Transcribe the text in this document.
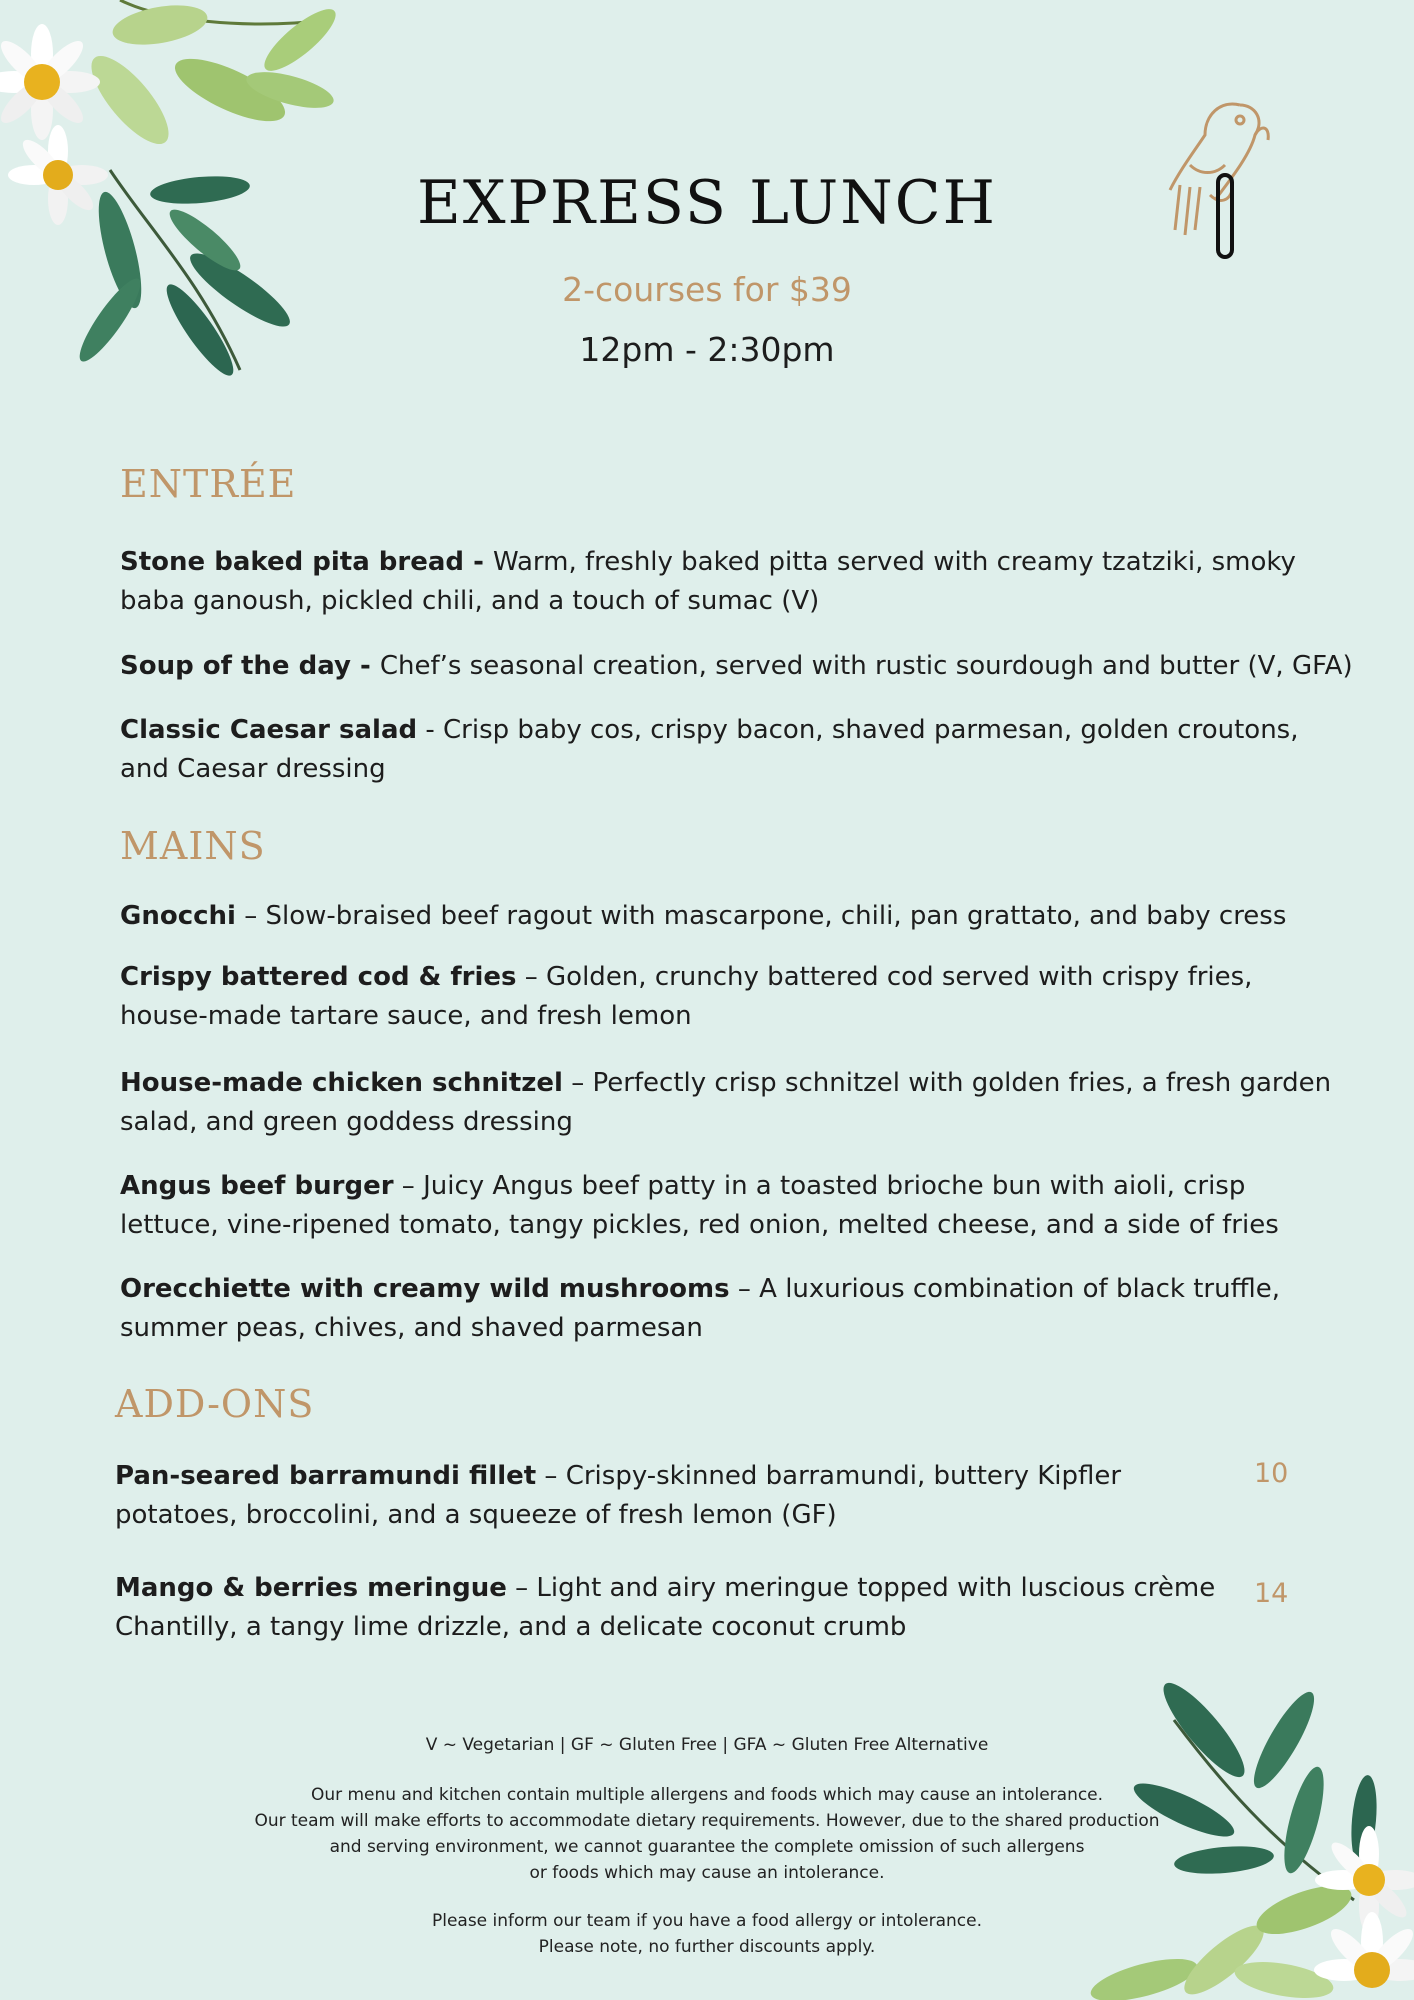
EXPRESS LUNCH
2-courses for $39
12pm - 2:30pm
ENTRÉE

Stone baked pita bread - Warm, freshly baked pitta served with creamy tzatziki, smoky baba ganoush, pickled chili, and a touch of sumac (V)

Soup of the day - Chef’s seasonal creation, served with rustic sourdough and butter (V, GFA)

Classic Caesar salad - Crisp baby cos, crispy bacon, shaved parmesan, golden croutons, and Caesar dressing

MAINS

Gnocchi – Slow-braised beef ragout with mascarpone, chili, pan grattato, and baby cress

Crispy battered cod & fries – Golden, crunchy battered cod served with crispy fries, house-made tartare sauce, and fresh lemon

House-made chicken schnitzel – Perfectly crisp schnitzel with golden fries, a fresh garden salad, and green goddess dressing

Angus beef burger – Juicy Angus beef patty in a toasted brioche bun with aioli, crisp lettuce, vine-ripened tomato, tangy pickles, red onion, melted cheese, and a side of fries

Orecchiette with creamy wild mushrooms – A luxurious combination of black truffle, summer peas, chives, and shaved parmesan

ADD-ONS

Pan-seared barramundi fillet – Crispy-skinned barramundi, buttery Kipfler potatoes, broccolini, and a squeeze of fresh lemon (GF)

10

Mango & berries meringue – Light and airy meringue topped with luscious crème Chantilly, a tangy lime drizzle, and a delicate coconut crumb

14

V ~ Vegetarian | GF ~ Gluten Free | GFA ~ Gluten Free Alternative

Our menu and kitchen contain multiple allergens and foods which may cause an intolerance.

Our team will make efforts to accommodate dietary requirements. However, due to the shared production

and serving environment, we cannot guarantee the complete omission of such allergens

or foods which may cause an intolerance.

Please inform our team if you have a food allergy or intolerance.

Please note, no further discounts apply.
